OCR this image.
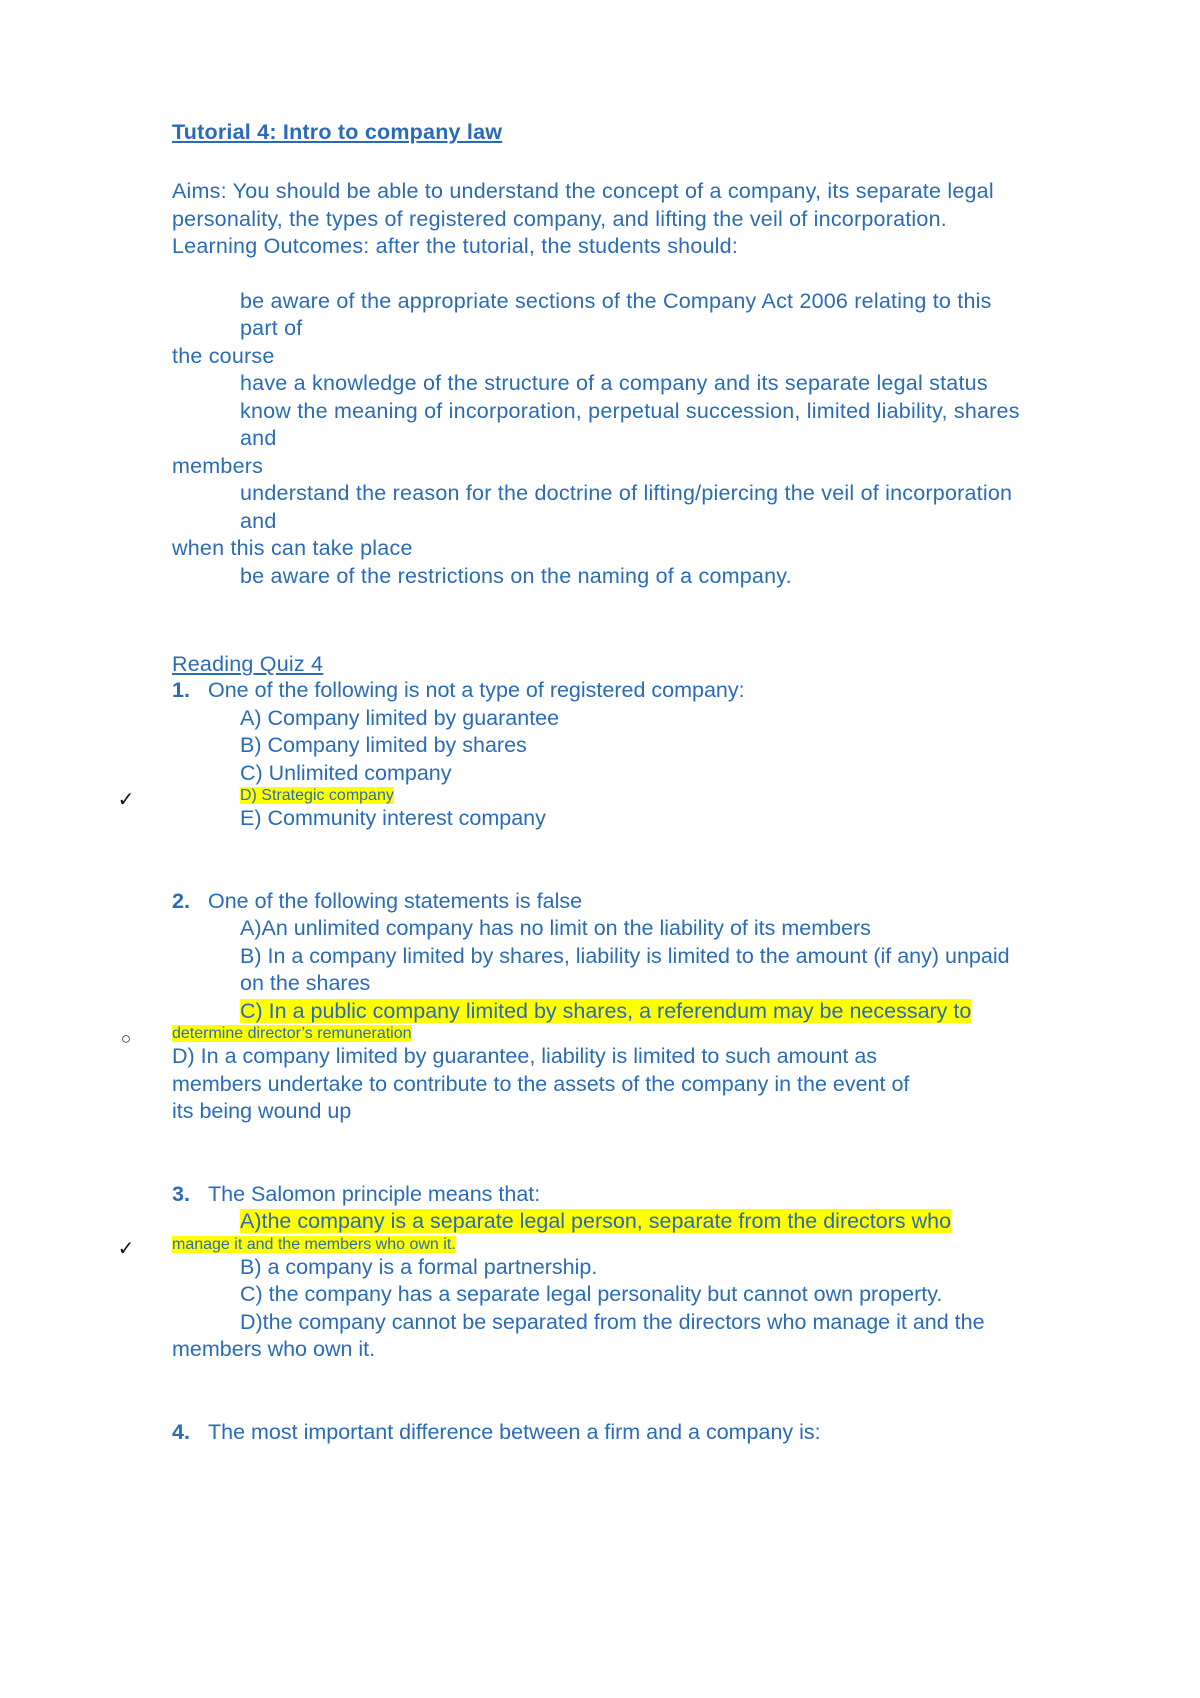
Tutorial 4: Intro to company law
Aims: You should be able to understand the concept of a company, its separate legal
personality, the types of registered company, and lifting the veil of incorporation.
Learning Outcomes: after the tutorial, the students should:
be aware of the appropriate sections of the Company Act 2006 relating to this
part of
the course
have a knowledge of the structure of a company and its separate legal status
know the meaning of incorporation, perpetual succession, limited liability, shares
and
members
understand the reason for the doctrine of lifting/piercing the veil of incorporation
and
when this can take place
be aware of the restrictions on the naming of a company.
Reading Quiz 4
1. One of the following is not a type of registered company:
A) Company limited by guarantee
B) Company limited by shares
C) Unlimited company
✓	D) Strategic company
E) Community interest company
2. One of the following statements is false
A)An unlimited company has no limit on the liability of its members
B) In a company limited by shares, liability is limited to the amount (if any) unpaid
on the shares
C) In a public company limited by shares, a referendum may be necessary to
○	determine director’s remuneration
D) In a company limited by guarantee, liability is limited to such amount as
members undertake to contribute to the assets of the company in the event of
its being wound up
3. The Salomon principle means that:
A)the company is a separate legal person, separate from the directors who
✓ manage it and the members who own it.
B) a company is a formal partnership.
C) the company has a separate legal personality but cannot own property.
D)the company cannot be separated from the directors who manage it and the
members who own it.
4. The most important difference between a firm and a company is:
